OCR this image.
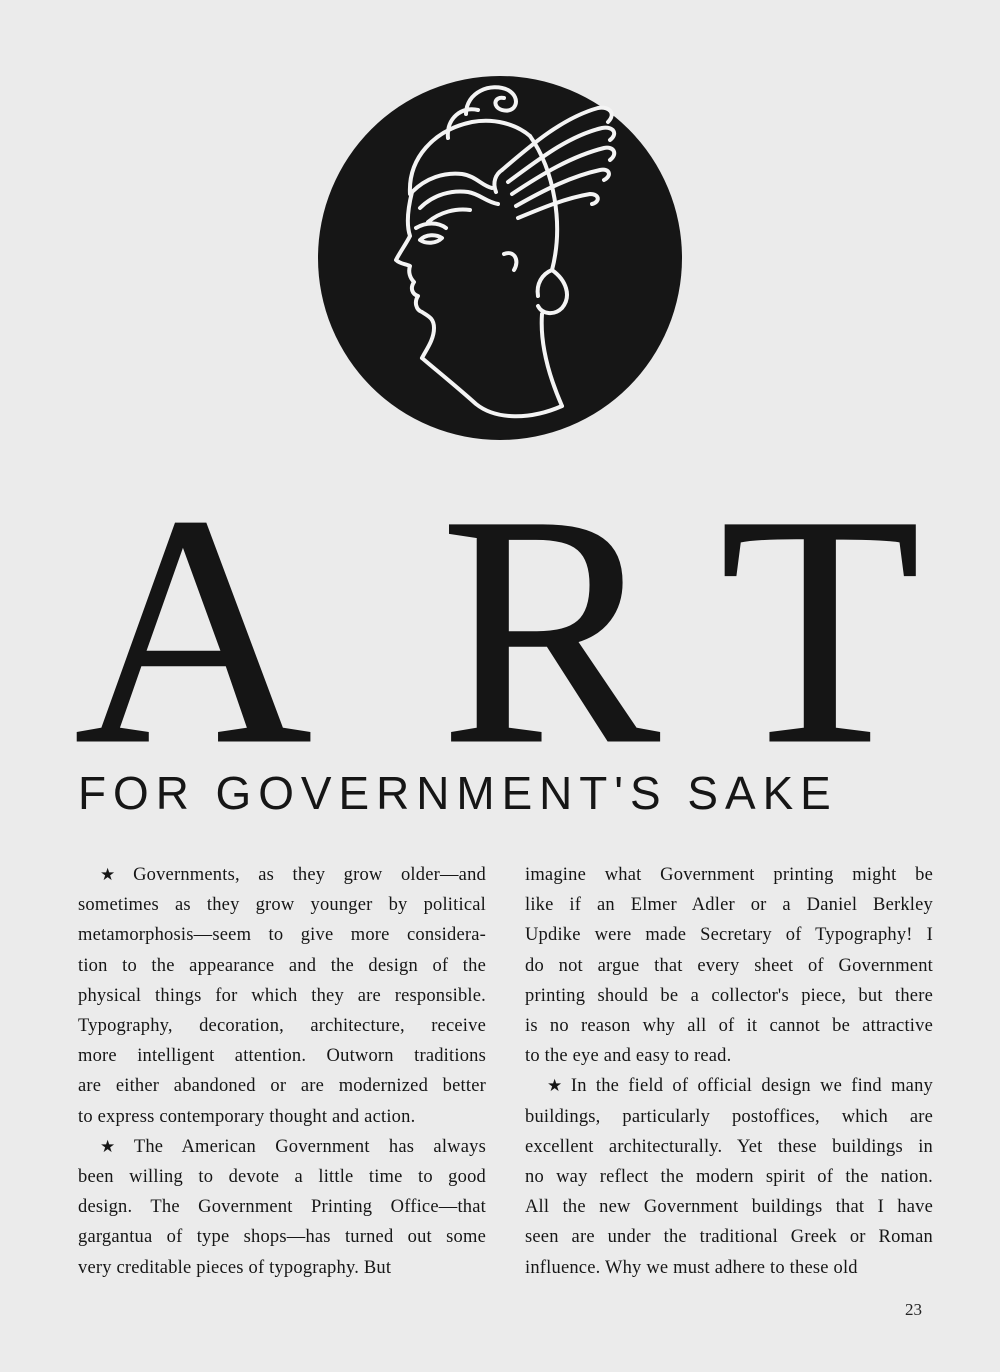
A R T
FOR GOVERNMENT'S SAKE

★ Governments, as they grow older—and
sometimes as they grow younger by political
metamorphosis—seem to give more considera-
tion to the appearance and the design of the
physical things for which they are responsible.
Typography, decoration, architecture, receive
more intelligent attention. Outworn traditions
are either abandoned or are modernized better
to express contemporary thought and action.

★ The American Government has always
been willing to devote a little time to good
design. The Government Printing Office—that
gargantua of type shops—has turned out some
very creditable pieces of typography. But

imagine what Government printing might be
like if an Elmer Adler or a Daniel Berkley
Updike were made Secretary of Typography! I
do not argue that every sheet of Government
printing should be a collector's piece, but there
is no reason why all of it cannot be attractive
to the eye and easy to read.

★ In the field of official design we find many
buildings, particularly postoffices, which are
excellent architecturally. Yet these buildings in
no way reflect the modern spirit of the nation.
All the new Government buildings that I have
seen are under the traditional Greek or Roman
influence. Why we must adhere to these old

23
